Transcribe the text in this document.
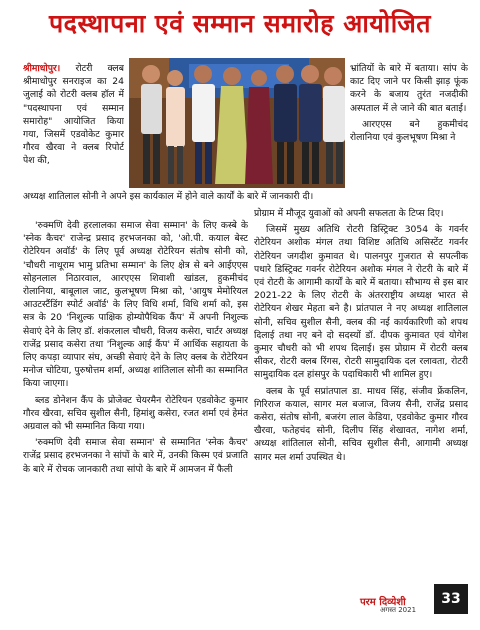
पदस्थापना एवं सम्मान समारोह आयोजित

श्रीमाधोपुर। रोटरी क्लब श्रीमाधोपुर सनराइज का 24 जुलाई को रोटरी क्लब हॉल में "पदस्थापना एवं सम्मान समारोह" आयोजित किया गया, जिसमें एडवोकेट कुमार गौरव खैरवा ने क्लब रिपोर्ट पेश की,

अध्यक्ष शातिलाल सोनी ने अपने इस कार्यकाल में होने वाले कार्यों के बारे में जानकारी दी।

भ्रांतियों के बारे में बताया। सांप के काट दिए जाने पर किसी झाड़ फूंक करने के बजाय तुरंत नजदीकी अस्पताल में ले जाने की बात बताई।

आरएएस बने हुकमीचंद रोलानिया एवं कुलभूषण मिश्रा ने

'रुक्मणि देवी हरलालका समाज सेवा सम्मान' के लिए कस्बे के 'स्नेक कैचर' राजेन्द्र प्रसाद हरभजनका को, 'ओ.पी. कयाल बेस्ट रोटेरियन अवॉर्ड' के लिए पूर्व अध्यक्ष रोटेरियन संतोष सोनी को, 'चौधरी नाथूराम भामु प्रतिभा सम्मान' के लिए क्षेत्र से बने आईएएस सोहनलाल निठारवाल, आरएएस शिवाशी खांडल, हुकमीचंद रोलानिया, बाबूलाल जाट, कुलभूषण मिश्रा को, 'आयुष मेमोरियल आउटस्टैंडिंग स्पोर्ट अवॉर्ड' के लिए विधि शर्मा, विधि शर्मा को, इस सत्र के 20 'निशुल्क पाक्षिक होम्योपैथिक कैंप' में अपनी निशुल्क सेवाएं देने के लिए डॉ. शंकरलाल चौधरी, विजय कसेरा, चार्टर अध्यक्ष राजेंद्र प्रसाद कसेरा तथा 'निशुल्क आई कैंप' में आर्थिक सहायता के लिए कपड़ा व्यापार संघ, अच्छी सेवाएं देने के लिए क्लब के रोटेरियन मनोज चोटिया, पुरुषोत्तम शर्मा, अध्यक्ष शांतिलाल सोनी का सम्मानित किया जाएगा।

ब्लड डोनेशन कैंप के प्रोजेक्ट चेयरमैन रोटेरियन एडवोकेट कुमार गौरव खैरवा, सचिव सुशील सैनी, हिमांशु कसेरा, रजत शर्मा एवं हेमंत अग्रवाल को भी सम्मानित किया गया।

'रुक्मणि देवी समाज सेवा सम्मान' से सम्मानित 'स्नेक कैचर' राजेंद्र प्रसाद हरभजनका ने सांपों के बारे में, उनकी किस्म एवं प्रजाति के बारे में रोचक जानकारी तथा सांपो के बारे में आमजन में फैली

प्रोग्राम में मौजूद युवाओं को अपनी सफलता के टिप्स दिए।

जिसमें मुख्य अतिथि रोटरी डिस्ट्रिक्ट 3054 के गवर्नर रोटेरियन अशोक मंगल तथा विशिष्ट अतिथि असिस्टेंट गवर्नर रोटेरियन जगदीश कुमावत थे। पालनपुर गुजरात से सपत्नीक पधारे डिस्ट्रिक्ट गवर्नर रोटेरियन अशोक मंगल ने रोटरी के बारे में एवं रोटरी के आगामी कार्यों के बारे में बताया। सौभाग्य से इस बार 2021-22 के लिए रोटरी के अंतरराष्ट्रीय अध्यक्ष भारत से रोटेरियन शेखर मेहता बने है। प्रांतपाल ने नए अध्यक्ष शातिलाल सोनी, सचिव सुशील सैनी, क्लब की नई कार्यकारिणी को शपथ दिलाई तथा नए बने दो सदस्यों डॉ. दीपक कुमावत एवं योगेश कुमार चौधरी को भी शपथ दिलाई। इस प्रोग्राम में रोटरी क्लब सीकर, रोटरी क्लब रिंगस, रोटरी सामुदायिक दल रलावता, रोटरी सामुदायिक दल हांसपुर के पदाधिकारी भी शामिल हुए।

क्लब के पूर्व सप्रांतपाल डा. माधव सिंह, संजीव फ्रेंकलिन, गिरिराज कयाल, सागर मल बजाज, विजय सैनी, राजेंद्र प्रसाद कसेरा, संतोष सोनी, बजरंग लाल केडिया, एडवोकेट कुमार गौरव खैरवा, फतेहचंद सोनी, दिलीप सिंह शेखावत, नागेश शर्मा, अध्यक्ष शांतिलाल सोनी, सचिव सुशील सैनी, आगामी अध्यक्ष सागर मल शर्मा उपस्थित थे।

परम दिव्येशी
अगस्त 2021
33
